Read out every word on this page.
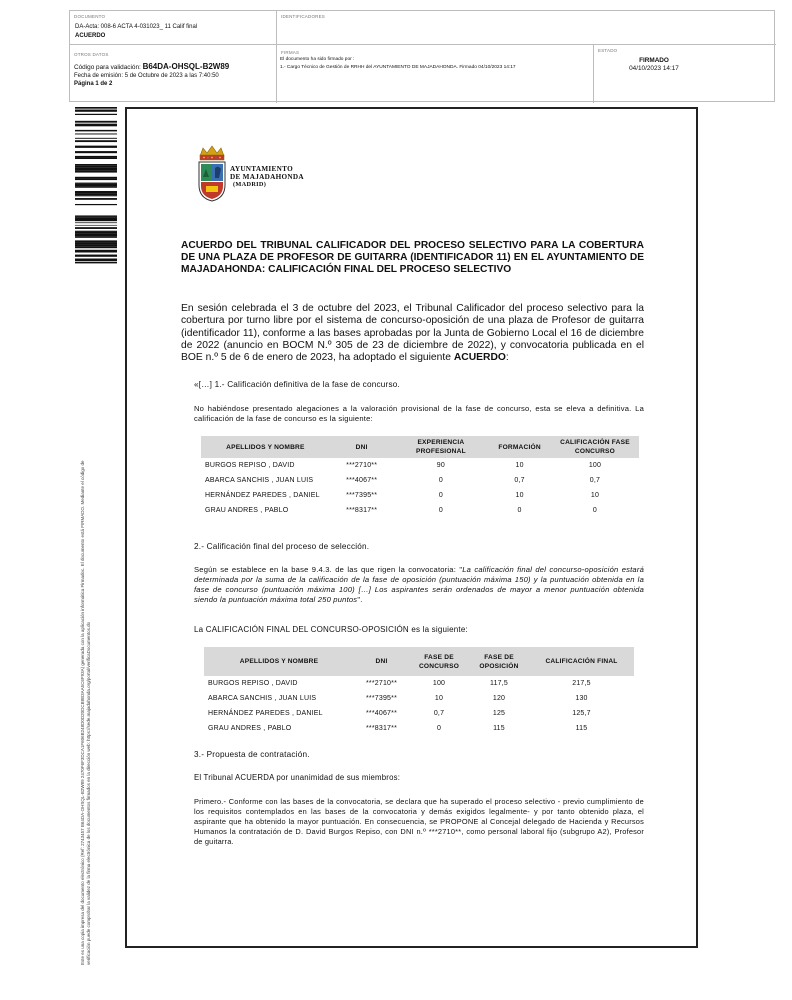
DOCUMENTO
DA-Acta: 008-6 ACTA 4-031023_ 11 Calif final
ACUERDO
IDENTIFICADORES
OTROS DATOS
Código para validación: B64DA-OHSQL-B2W89
Fecha de emisión: 5 de Octubre de 2023 a las 7:40:50
Página 1 de 2
FIRMAS
El documento ha sido firmado por :
1.- Cargo Técnico de Gestión de RRHH del AYUNTAMIENTO DE MAJADAHONDA. Firmado 04/10/2023 14:17
ESTADO
FIRMADO
04/10/2023 14:17
Este es una copia impresa del documento electrónico (Ref: 2743457 B64DA-OHSQL-B2W89 2470F6F3DCA1F606B248D0D20DCB8B3AA5C6F93A) generada con la aplicación informática Firmadoc. El documento está FIRMADO. Mediante el código de verificación puede comprobar la validez de la firma electrónica de los documentos firmados en la dirección web: https://sede.majadahonda.org/portal/verificaDocumentos.do
AYUNTAMIENTO
DE MAJADAHONDA
(MADRID)
ACUERDO DEL TRIBUNAL CALIFICADOR DEL PROCESO SELECTIVO PARA LA COBERTURA DE UNA PLAZA DE PROFESOR DE GUITARRA (IDENTIFICADOR 11) EN EL AYUNTAMIENTO DE MAJADAHONDA: CALIFICACIÓN FINAL DEL PROCESO SELECTIVO
En sesión celebrada el 3 de octubre del 2023, el Tribunal Calificador del proceso selectivo para la cobertura por turno libre por el sistema de concurso-oposición de una plaza de Profesor de guitarra (identificador 11), conforme a las bases aprobadas por la Junta de Gobierno Local el 16 de diciembre de 2022 (anuncio en BOCM N.º 305 de 23 de diciembre de 2022), y convocatoria publicada en el BOE n.º 5 de 6 de enero de 2023, ha adoptado el siguiente ACUERDO:
«[…] 1.- Calificación definitiva de la fase de concurso.
No habiéndose presentado alegaciones a la valoración provisional de la fase de concurso, esta se eleva a definitiva. La calificación de la fase de concurso es la siguiente:
APELLIDOS Y NOMBRE	DNI	EXPERIENCIA PROFESIONAL	FORMACIÓN	CALIFICACIÓN FASE CONCURSO
BURGOS REPISO , DAVID	***2710**	90	10	100
ABARCA SANCHIS , JUAN LUIS	***4067**	0	0,7	0,7
HERNÁNDEZ PAREDES , DANIEL	***7395**	0	10	10
GRAU ANDRES , PABLO	***8317**	0	0	0
2.- Calificación final del proceso de selección.
Según se establece en la base 9.4.3. de las que rigen la convocatoria: "La calificación final del concurso-oposición estará determinada por la suma de la calificación de la fase de oposición (puntuación máxima 150) y la puntuación obtenida en la fase de concurso (puntuación máxima 100) […] Los aspirantes serán ordenados de mayor a menor puntuación obtenida siendo la puntuación máxima total 250 puntos".
La CALIFICACIÓN FINAL DEL CONCURSO-OPOSICIÓN es la siguiente:
APELLIDOS Y NOMBRE	DNI	FASE DE CONCURSO	FASE DE OPOSICIÓN	CALIFICACIÓN FINAL
BURGOS REPISO , DAVID	***2710**	100	117,5	217,5
ABARCA SANCHIS , JUAN LUIS	***7395**	10	120	130
HERNÁNDEZ PAREDES , DANIEL	***4067**	0,7	125	125,7
GRAU ANDRES , PABLO	***8317**	0	115	115
3.- Propuesta de contratación.
El Tribunal ACUERDA por unanimidad de sus miembros:
Primero.- Conforme con las bases de la convocatoria, se declara que ha superado el proceso selectivo - previo cumplimiento de los requisitos contemplados en las bases de la convocatoria y demás exigidos legalmente- y por tanto obtenido plaza, el aspirante que ha obtenido la mayor puntuación. En consecuencia, se PROPONE al Concejal delegado de Hacienda y Recursos Humanos la contratación de D. David Burgos Repiso, con DNI n.º ***2710**, como personal laboral fijo (subgrupo A2), Profesor de guitarra.
